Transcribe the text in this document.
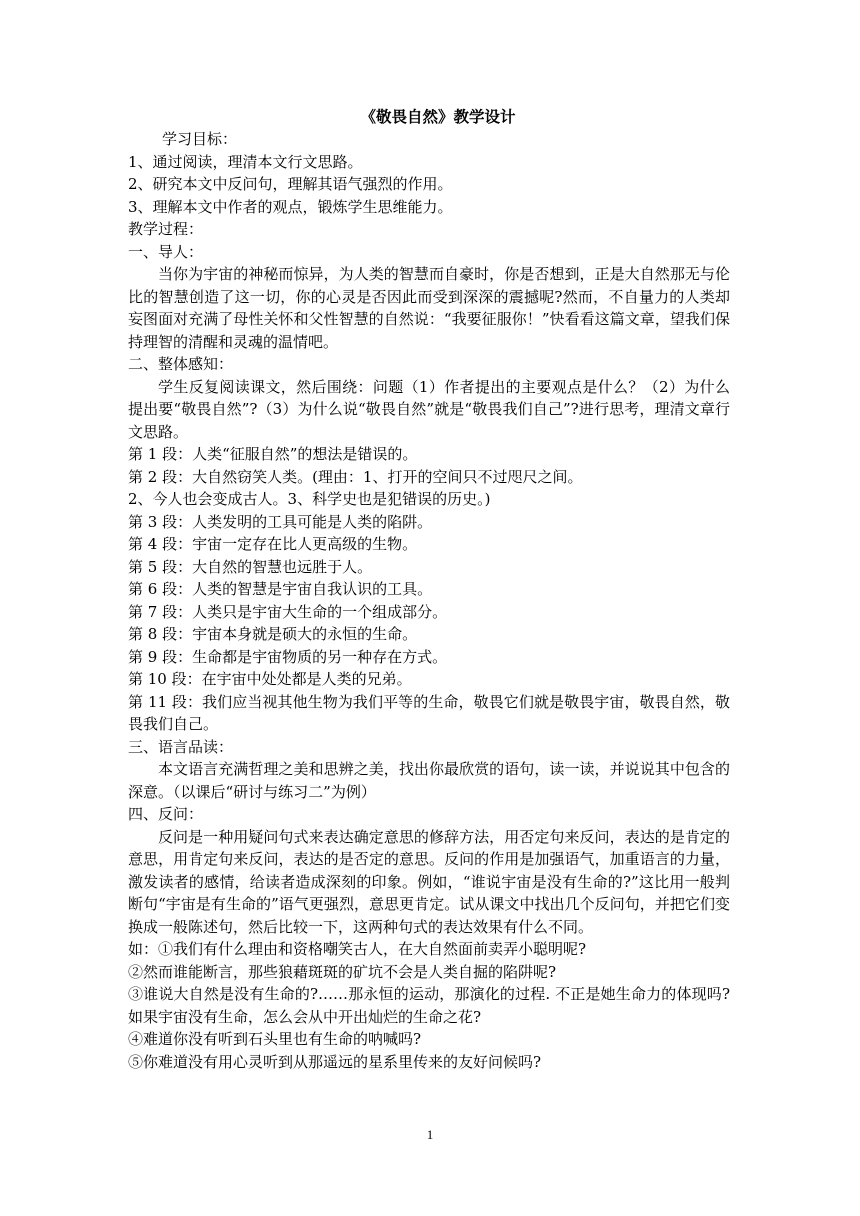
《敬畏自然》教学设计

学习目标：

1、通过阅读，理清本文行文思路。

2、研究本文中反问句，理解其语气强烈的作用。

3、理解本文中作者的观点，锻炼学生思维能力。

教学过程：

一、导人：

当你为宇宙的神秘而惊异，为人类的智慧而自豪时，你是否想到，正是大自然那无与伦比的智慧创造了这一切，你的心灵是否因此而受到深深的震撼呢?然而，不自量力的人类却妄图面对充满了母性关怀和父性智慧的自然说：“我要征服你！”快看看这篇文章，望我们保持理智的清醒和灵魂的温情吧。

二、整体感知：

学生反复阅读课文，然后围绕：问题（1）作者提出的主要观点是什么？（2）为什么提出要“敬畏自然”?（3）为什么说“敬畏自然”就是“敬畏我们自己”?进行思考，理清文章行文思路。

第 1 段：人类“征服自然”的想法是错误的。

第 2 段：大自然窃笑人类。(理由：1、打开的空间只不过咫尺之间。

2、今人也会变成古人。3、科学史也是犯错误的历史。)

第 3 段：人类发明的工具可能是人类的陷阱。

第 4 段：宇宙一定存在比人更高级的生物。

第 5 段：大自然的智慧也远胜于人。

第 6 段：人类的智慧是宇宙自我认识的工具。

第 7 段：人类只是宇宙大生命的一个组成部分。

第 8 段：宇宙本身就是硕大的永恒的生命。

第 9 段：生命都是宇宙物质的另一种存在方式。

第 10 段：在宇宙中处处都是人类的兄弟。

第 11 段：我们应当视其他生物为我们平等的生命，敬畏它们就是敬畏宇宙，敬畏自然，敬畏我们自己。

三、语言品读：

本文语言充满哲理之美和思辨之美，找出你最欣赏的语句，读一读，并说说其中包含的深意。（以课后“研讨与练习二”为例）

四、反问：

反问是一种用疑问句式来表达确定意思的修辞方法，用否定句来反问，表达的是肯定的意思，用肯定句来反问，表达的是否定的意思。反问的作用是加强语气，加重语言的力量，激发读者的感情，给读者造成深刻的印象。例如，“谁说宇宙是没有生命的?”这比用一般判断句“宇宙是有生命的”语气更强烈，意思更肯定。试从课文中找出几个反问句，并把它们变换成一般陈述句，然后比较一下，这两种句式的表达效果有什么不同。

如：①我们有什么理由和资格嘲笑古人，在大自然面前卖弄小聪明呢?

②然而谁能断言，那些狼藉斑斑的矿坑不会是人类自掘的陷阱呢?

③谁说大自然是没有生命的?……那永恒的运动，那演化的过程. 不正是她生命力的体现吗?如果宇宙没有生命，怎么会从中开出灿烂的生命之花?

④难道你没有听到石头里也有生命的呐喊吗?

⑤你难道没有用心灵听到从那遥远的星系里传来的友好问候吗?

1
